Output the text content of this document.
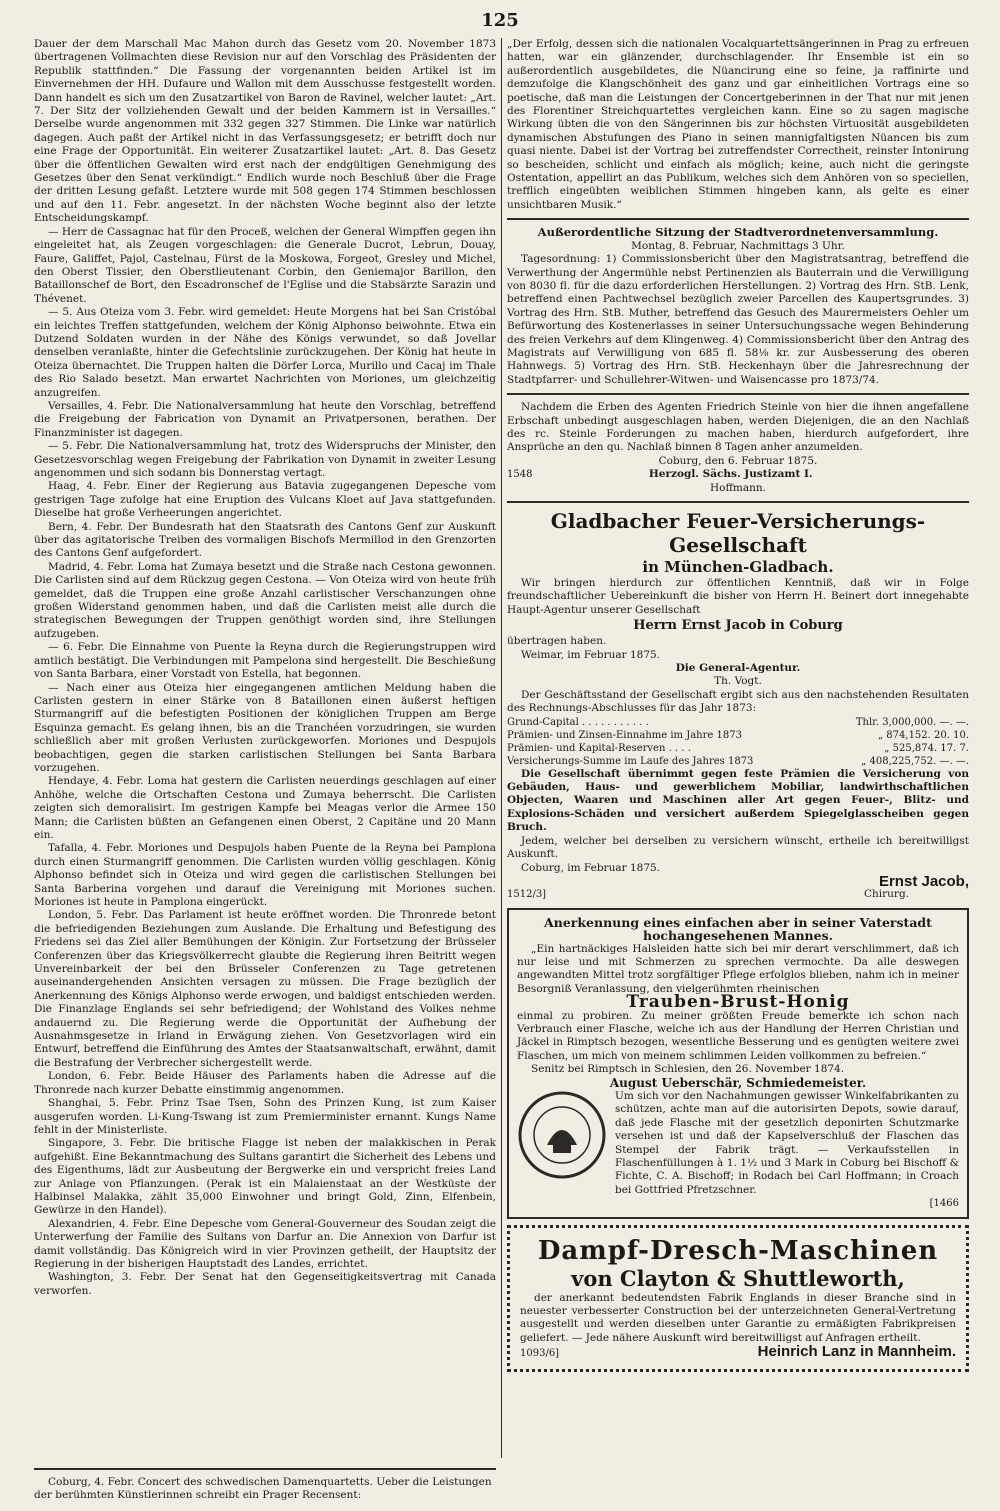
125

Dauer der dem Marschall Mac Mahon durch das Gesetz vom 20. November 1873 übertragenen Vollmachten diese Revision nur auf den Vorschlag des Präsidenten der Republik stattfinden.“ Die Fassung der vorgenannten beiden Artikel ist im Einvernehmen der HH. Dufaure und Wallon mit dem Ausschusse festgestellt worden. Dann handelt es sich um den Zusatzartikel von Baron de Ravinel, welcher lautet: „Art. 7. Der Sitz der vollziehenden Gewalt und der beiden Kammern ist in Versailles.“ Derselbe wurde angenommen mit 332 gegen 327 Stimmen. Die Linke war natürlich dagegen. Auch paßt der Artikel nicht in das Verfassungsgesetz; er betrifft doch nur eine Frage der Opportunität. Ein weiterer Zusatzartikel lautet: „Art. 8. Das Gesetz über die öffentlichen Gewalten wird erst nach der endgültigen Genehmigung des Gesetzes über den Senat verkündigt.“ Endlich wurde noch Beschluß über die Frage der dritten Lesung gefaßt. Letztere wurde mit 508 gegen 174 Stimmen beschlossen und auf den 11. Febr. angesetzt. In der nächsten Woche beginnt also der letzte Entscheidungskampf.

— Herr de Cassagnac hat für den Proceß, welchen der General Wimpffen gegen ihn eingeleitet hat, als Zeugen vorgeschlagen: die Generale Ducrot, Lebrun, Douay, Faure, Galiffet, Pajol, Castelnau, Fürst de la Moskowa, Forgeot, Gresley und Michel, den Oberst Tissier, den Oberstlieutenant Corbin, den Geniemajor Barillon, den Bataillonschef de Bort, den Escadronschef de l'Eglise und die Stabsärzte Sarazin und Thévenet.

— 5. Aus Oteiza vom 3. Febr. wird gemeldet: Heute Morgens hat bei San Cristóbal ein leichtes Treffen stattgefunden, welchem der König Alphonso beiwohnte. Etwa ein Dutzend Soldaten wurden in der Nähe des Königs verwundet, so daß Jovellar denselben veranlaßte, hinter die Gefechtslinie zurückzugehen. Der König hat heute in Oteiza übernachtet. Die Truppen halten die Dörfer Lorca, Murillo und Cacaj im Thale des Rio Salado besetzt. Man erwartet Nachrichten von Moriones, um gleichzeitig anzugreifen.

Versailles, 4. Febr. Die Nationalversammlung hat heute den Vorschlag, betreffend die Freigebung der Fabrication von Dynamit an Privatpersonen, berathen. Der Finanzminister ist dagegen.

— 5. Febr. Die Nationalversammlung hat, trotz des Widerspruchs der Minister, den Gesetzesvorschlag wegen Freigebung der Fabrikation von Dynamit in zweiter Lesung angenommen und sich sodann bis Donnerstag vertagt.

Haag, 4. Febr. Einer der Regierung aus Batavia zugegangenen Depesche vom gestrigen Tage zufolge hat eine Eruption des Vulcans Kloet auf Java stattgefunden. Dieselbe hat große Verheerungen angerichtet.

Bern, 4. Febr. Der Bundesrath hat den Staatsrath des Cantons Genf zur Auskunft über das agitatorische Treiben des vormaligen Bischofs Mermillod in den Grenzorten des Cantons Genf aufgefordert.

Madrid, 4. Febr. Loma hat Zumaya besetzt und die Straße nach Cestona gewonnen. Die Carlisten sind auf dem Rückzug gegen Cestona. — Von Oteiza wird von heute früh gemeldet, daß die Truppen eine große Anzahl carlistischer Verschanzungen ohne großen Widerstand genommen haben, und daß die Carlisten meist alle durch die strategischen Bewegungen der Truppen genöthigt worden sind, ihre Stellungen aufzugeben.

— 6. Febr. Die Einnahme von Puente la Reyna durch die Regierungstruppen wird amtlich bestätigt. Die Verbindungen mit Pampelona sind hergestellt. Die Beschießung von Santa Barbara, einer Vorstadt von Estella, hat begonnen.

— Nach einer aus Oteiza hier eingegangenen amtlichen Meldung haben die Carlisten gestern in einer Stärke von 8 Bataillonen einen äußerst heftigen Sturmangriff auf die befestigten Positionen der königlichen Truppen am Berge Esquinza gemacht. Es gelang ihnen, bis an die Tranchéen vorzudringen, sie wurden schließlich aber mit großen Verlusten zurückgeworfen. Moriones und Despujols beobachtigen, gegen die starken carlistischen Stellungen bei Santa Barbara vorzugehen.

Hendaye, 4. Febr. Loma hat gestern die Carlisten neuerdings geschlagen auf einer Anhöhe, welche die Ortschaften Cestona und Zumaya beherrscht. Die Carlisten zeigten sich demoralisirt. Im gestrigen Kampfe bei Meagas verlor die Armee 150 Mann; die Carlisten büßten an Gefangenen einen Oberst, 2 Capitäne und 20 Mann ein.

Tafalla, 4. Febr. Moriones und Despujols haben Puente de la Reyna bei Pamplona durch einen Sturmangriff genommen. Die Carlisten wurden völlig geschlagen. König Alphonso befindet sich in Oteiza und wird gegen die carlistischen Stellungen bei Santa Barberina vorgehen und darauf die Vereinigung mit Moriones suchen. Moriones ist heute in Pamplona eingerückt.

London, 5. Febr. Das Parlament ist heute eröffnet worden. Die Thronrede betont die befriedigenden Beziehungen zum Auslande. Die Erhaltung und Befestigung des Friedens sei das Ziel aller Bemühungen der Königin. Zur Fortsetzung der Brüsseler Conferenzen über das Kriegsvölkerrecht glaubte die Regierung ihren Beitritt wegen Unvereinbarkeit der bei den Brüsseler Conferenzen zu Tage getretenen auseinandergehenden Ansichten versagen zu müssen. Die Frage bezüglich der Anerkennung des Königs Alphonso werde erwogen, und baldigst entschieden werden. Die Finanzlage Englands sei sehr befriedigend; der Wohlstand des Volkes nehme andauernd zu. Die Regierung werde die Opportunität der Aufhebung der Ausnahmsgesetze in Irland in Erwägung ziehen. Von Gesetzvorlagen wird ein Entwurf, betreffend die Einführung des Amtes der Staatsanwaltschaft, erwähnt, damit die Bestrafung der Verbrecher sichergestellt werde.

London, 6. Febr. Beide Häuser des Parlaments haben die Adresse auf die Thronrede nach kurzer Debatte einstimmig angenommen.

Shanghai, 5. Febr. Prinz Tsae Tsen, Sohn des Prinzen Kung, ist zum Kaiser ausgerufen worden. Li-Kung-Tswang ist zum Premierminister ernannt. Kungs Name fehlt in der Ministerliste.

Singapore, 3. Febr. Die britische Flagge ist neben der malakkischen in Perak aufgehißt. Eine Bekanntmachung des Sultans garantirt die Sicherheit des Lebens und des Eigenthums, lädt zur Ausbeutung der Bergwerke ein und verspricht freies Land zur Anlage von Pflanzungen. (Perak ist ein Malaienstaat an der Westküste der Halbinsel Malakka, zählt 35,000 Einwohner und bringt Gold, Zinn, Elfenbein, Gewürze in den Handel).

Alexandrien, 4. Febr. Eine Depesche vom General-Gouverneur des Soudan zeigt die Unterwerfung der Familie des Sultans von Darfur an. Die Annexion von Darfur ist damit vollständig. Das Königreich wird in vier Provinzen getheilt, der Hauptsitz der Regierung in der bisherigen Hauptstadt des Landes, errichtet.

Washington, 3. Febr. Der Senat hat den Gegenseitigkeitsvertrag mit Canada verworfen.

Coburg, 4. Febr. Concert des schwedischen Damenquartetts. Ueber die Leistungen der berühmten Künstlerinnen schreibt ein Prager Recensent:

„Der Erfolg, dessen sich die nationalen Vocalquartettsängerinnen in Prag zu erfreuen hatten, war ein glänzender, durchschlagender. Ihr Ensemble ist ein so außerordentlich ausgebildetes, die Nüancirung eine so feine, ja raffinirte und demzufolge die Klangschönheit des ganz und gar einheitlichen Vortrags eine so poetische, daß man die Leistungen der Concertgeberinnen in der That nur mit jenen des Florentiner Streichquartettes vergleichen kann. Eine so zu sagen magische Wirkung übten die von den Sängerinnen bis zur höchsten Virtuosität ausgebildeten dynamischen Abstufungen des Piano in seinen mannigfaltigsten Nüancen bis zum quasi niente. Dabei ist der Vortrag bei zutreffendster Correctheit, reinster Intonirung so bescheiden, schlicht und einfach als möglich; keine, auch nicht die geringste Ostentation, appellirt an das Publikum, welches sich dem Anhören von so speciellen, trefflich eingeübten weiblichen Stimmen hingeben kann, als gelte es einer unsichtbaren Musik.“

Außerordentliche Sitzung der Stadtverordnetenversammlung.
Montag, 8. Februar, Nachmittags 3 Uhr.

Tagesordnung: 1) Commissionsbericht über den Magistratsantrag, betreffend die Verwerthung der Angermühle nebst Pertinenzien als Bauterrain und die Verwilligung von 8030 fl. für die dazu erforderlichen Herstellungen. 2) Vortrag des Hrn. StB. Lenk, betreffend einen Pachtwechsel bezüglich zweier Parcellen des Kaupertsgrundes. 3) Vortrag des Hrn. StB. Muther, betreffend das Gesuch des Maurermeisters Oehler um Befürwortung des Kostenerlasses in seiner Untersuchungssache wegen Behinderung des freien Verkehrs auf dem Klingenweg. 4) Commissionsbericht über den Antrag des Magistrats auf Verwilligung von 685 fl. 58⅛ kr. zur Ausbesserung des oberen Hahnwegs. 5) Vortrag des Hrn. StB. Heckenhayn über die Jahresrechnung der Stadtpfarrer- und Schullehrer-Witwen- und Waisencasse pro 1873/74.

Nachdem die Erben des Agenten Friedrich Steinle von hier die ihnen angefallene Erbschaft unbedingt ausgeschlagen haben, werden Diejenigen, die an den Nachlaß des rc. Steinle Forderungen zu machen haben, hierdurch aufgefordert, ihre Ansprüche an den qu. Nachlaß binnen 8 Tagen anher anzumelden.

Coburg, den 6. Februar 1875.
1548	Herzogl. Sächs. Justizamt I.
Hoffmann.
Gladbacher Feuer-Versicherungs-Gesellschaft
in München-Gladbach.

Wir bringen hierdurch zur öffentlichen Kenntniß, daß wir in Folge freundschaftlicher Uebereinkunft die bisher von Herrn H. Beinert dort innegehabte Haupt-Agentur unserer Gesellschaft

Herrn Ernst Jacob in Coburg

übertragen haben.

Weimar, im Februar 1875.

Die General-Agentur.
Th. Vogt.

Der Geschäftsstand der Gesellschaft ergibt sich aus den nachstehenden Resultaten des Rechnungs-Abschlusses für das Jahr 1873:

Grund-Capital . . . . . . . . . . .	Thlr. 3,000,000. —. —.
Prämien- und Zinsen-Einnahme im Jahre 1873	„ 874,152. 20. 10.
Prämien- und Kapital-Reserven . . . .	„ 525,874. 17. 7.
Versicherungs-Summe im Laufe des Jahres 1873	„ 408,225,752. —. —.

Die Gesellschaft übernimmt gegen feste Prämien die Versicherung von Gebäuden, Haus- und gewerblichem Mobiliar, landwirthschaftlichen Objecten, Waaren und Maschinen aller Art gegen Feuer-, Blitz- und Explosions-Schäden und versichert außerdem Spiegelglasscheiben gegen Bruch.

Jedem, welcher bei derselben zu versichern wünscht, ertheile ich bereitwilligst Auskunft.

Coburg, im Februar 1875.

Ernst Jacob,
1512/3]	Chirurg.
Anerkennung eines einfachen aber in seiner Vaterstadt hochangesehenen Mannes.

„Ein hartnäckiges Halsleiden hatte sich bei mir derart verschlimmert, daß ich nur leise und mit Schmerzen zu sprechen vermochte. Da alle deswegen angewandten Mittel trotz sorgfältiger Pflege erfolglos blieben, nahm ich in meiner Besorgniß Veranlassung, den vielgerühmten rheinischen

Trauben-Brust-Honig

einmal zu probiren. Zu meiner größten Freude bemerkte ich schon nach Verbrauch einer Flasche, welche ich aus der Handlung der Herren Christian und Jäckel in Rimptsch bezogen, wesentliche Besserung und es genügten weitere zwei Flaschen, um mich von meinem schlimmen Leiden vollkommen zu befreien.“

Senitz bei Rimptsch in Schlesien, den 26. November 1874.

August Ueberschär, Schmiedemeister.

Um sich vor den Nachahmungen gewisser Winkelfabrikanten zu schützen, achte man auf die autorisirten Depots, sowie darauf, daß jede Flasche mit der gesetzlich deponirten Schutzmarke versehen ist und daß der Kapselverschluß der Flaschen das Stempel der Fabrik trägt. — Verkaufsstellen in Flaschenfüllungen à 1. 1½ und 3 Mark in Coburg bei Bischoff & Fichte, C. A. Bischoff; in Rodach bei Carl Hoffmann; in Croach bei Gottfried Pfretzschner.

[1466
Dampf-Dresch-Maschinen
von Clayton & Shuttleworth,

der anerkannt bedeutendsten Fabrik Englands in dieser Branche sind in neuester verbesserter Construction bei der unterzeichneten General-Vertretung ausgestellt und werden dieselben unter Garantie zu ermäßigten Fabrikpreisen geliefert. — Jede nähere Auskunft wird bereitwilligst auf Anfragen ertheilt.

1093/6]	Heinrich Lanz in Mannheim.
